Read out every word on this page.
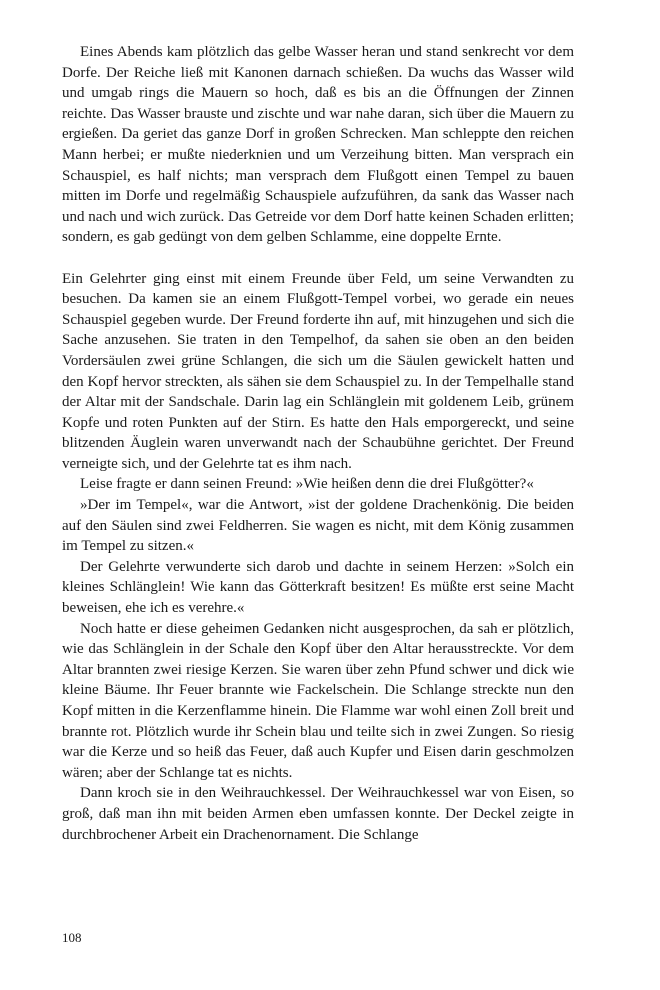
Eines Abends kam plötzlich das gelbe Wasser heran und stand senkrecht vor dem Dorfe. Der Reiche ließ mit Kanonen darnach schießen. Da wuchs das Wasser wild und umgab rings die Mauern so hoch, daß es bis an die Öffnungen der Zinnen reichte. Das Wasser brauste und zischte und war nahe daran, sich über die Mauern zu ergießen. Da geriet das ganze Dorf in großen Schrecken. Man schleppte den reichen Mann herbei; er mußte niederknien und um Verzeihung bitten. Man versprach ein Schauspiel, es half nichts; man versprach dem Flußgott einen Tempel zu bauen mitten im Dorfe und regelmäßig Schauspiele aufzuführen, da sank das Wasser nach und nach und wich zurück. Das Getreide vor dem Dorf hatte keinen Schaden erlitten; sondern, es gab gedüngt von dem gelben Schlamme, eine doppelte Ernte.

Ein Gelehrter ging einst mit einem Freunde über Feld, um seine Verwandten zu besuchen. Da kamen sie an einem Flußgott-Tempel vorbei, wo gerade ein neues Schauspiel gegeben wurde. Der Freund forderte ihn auf, mit hinzugehen und sich die Sache anzusehen. Sie traten in den Tempelhof, da sahen sie oben an den beiden Vordersäulen zwei grüne Schlangen, die sich um die Säulen gewickelt hatten und den Kopf hervor streckten, als sähen sie dem Schauspiel zu. In der Tempelhalle stand der Altar mit der Sandschale. Darin lag ein Schlänglein mit goldenem Leib, grünem Kopfe und roten Punkten auf der Stirn. Es hatte den Hals emporgereckt, und seine blitzenden Äuglein waren unverwandt nach der Schaubühne gerichtet. Der Freund verneigte sich, und der Gelehrte tat es ihm nach.

Leise fragte er dann seinen Freund: »Wie heißen denn die drei Flußgötter?«

»Der im Tempel«, war die Antwort, »ist der goldene Drachenkönig. Die beiden auf den Säulen sind zwei Feldherren. Sie wagen es nicht, mit dem König zusammen im Tempel zu sitzen.«

Der Gelehrte verwunderte sich darob und dachte in seinem Herzen: »Solch ein kleines Schlänglein! Wie kann das Götterkraft besitzen! Es müßte erst seine Macht beweisen, ehe ich es verehre.«

Noch hatte er diese geheimen Gedanken nicht ausgesprochen, da sah er plötzlich, wie das Schlänglein in der Schale den Kopf über den Altar herausstreckte. Vor dem Altar brannten zwei riesige Kerzen. Sie waren über zehn Pfund schwer und dick wie kleine Bäume. Ihr Feuer brannte wie Fackelschein. Die Schlange streckte nun den Kopf mitten in die Kerzenflamme hinein. Die Flamme war wohl einen Zoll breit und brannte rot. Plötzlich wurde ihr Schein blau und teilte sich in zwei Zungen. So riesig war die Kerze und so heiß das Feuer, daß auch Kupfer und Eisen darin geschmolzen wären; aber der Schlange tat es nichts.

Dann kroch sie in den Weihrauchkessel. Der Weihrauchkessel war von Eisen, so groß, daß man ihn mit beiden Armen eben umfassen konnte. Der Deckel zeigte in durchbrochener Arbeit ein Drachenornament. Die Schlange

108
